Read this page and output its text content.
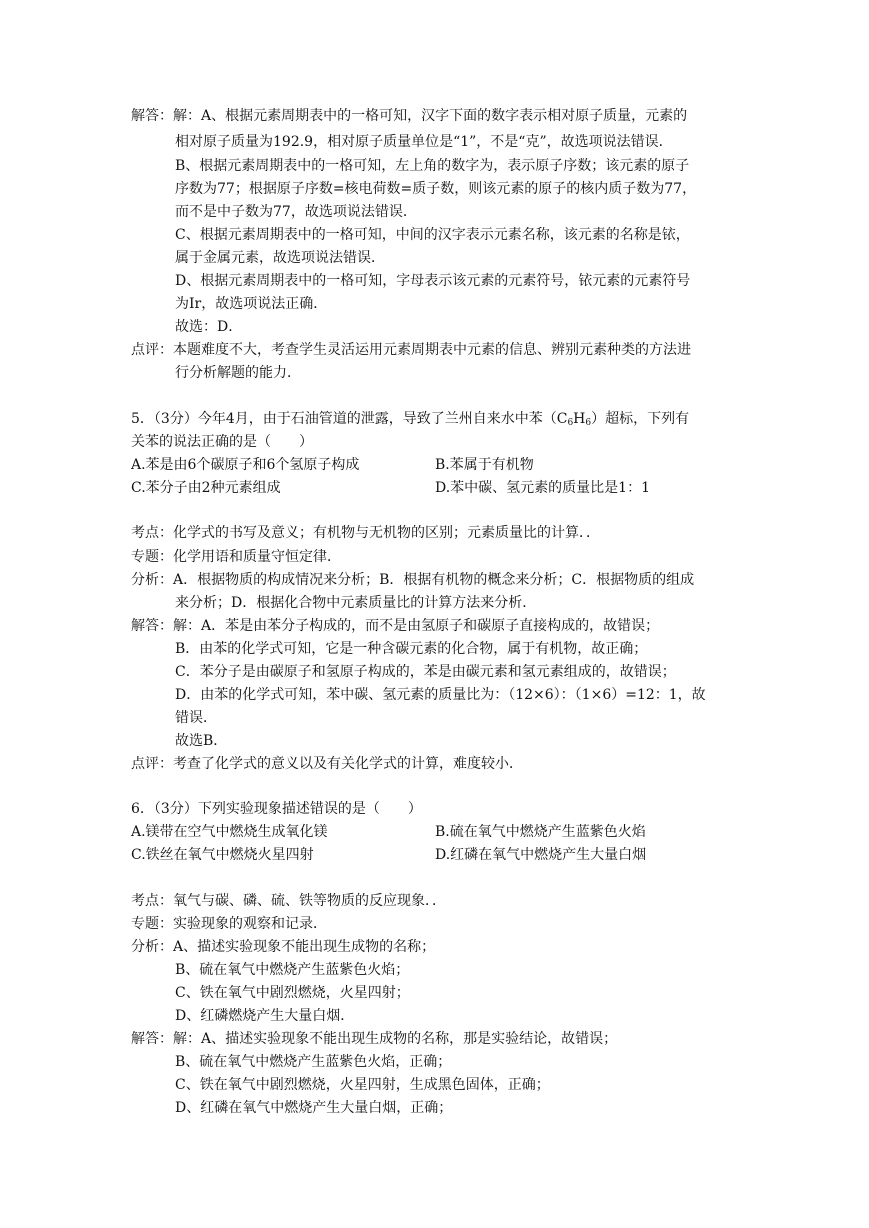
解答：解：A、根据元素周期表中的一格可知，汉字下面的数字表示相对原子质量，元素的
相对原子质量为192.9，相对原子质量单位是“1”，不是“克”，故选项说法错误．
B、根据元素周期表中的一格可知，左上角的数字为，表示原子序数；该元素的原子
序数为77；根据原子序数=核电荷数=质子数，则该元素的原子的核内质子数为77，
而不是中子数为77，故选项说法错误．
C、根据元素周期表中的一格可知，中间的汉字表示元素名称，该元素的名称是铱，
属于金属元素，故选项说法错误．
D、根据元素周期表中的一格可知，字母表示该元素的元素符号，铱元素的元素符号
为Ir，故选项说法正确．
故选：D．
点评：本题难度不大，考查学生灵活运用元素周期表中元素的信息、辨别元素种类的方法进
行分析解题的能力．
5．（3分）今年4月，由于石油管道的泄露，导致了兰州自来水中苯$(C_6H_6)$超标，下列有
关苯的说法正确的是（　　）
A.苯是由6个碳原子和6个氢原子构成	B.苯属于有机物
C.苯分子由2种元素组成	D.苯中碳、氢元素的质量比是1：1
考点：化学式的书写及意义；有机物与无机物的区别；元素质量比的计算．．
专题：化学用语和质量守恒定律．
分析：A．根据物质的构成情况来分析；B．根据有机物的概念来分析；C．根据物质的组成
来分析；D．根据化合物中元素质量比的计算方法来分析．
解答：解：A．苯是由苯分子构成的，而不是由氢原子和碳原子直接构成的，故错误；
B．由苯的化学式可知，它是一种含碳元素的化合物，属于有机物，故正确；
C．苯分子是由碳原子和氢原子构成的，苯是由碳元素和氢元素组成的，故错误；
D．由苯的化学式可知，苯中碳、氢元素的质量比为：（12×6）：（1×6）=12：1，故
错误．
故选B．
点评：考查了化学式的意义以及有关化学式的计算，难度较小．
6．（3分）下列实验现象描述错误的是（　　）
A.镁带在空气中燃烧生成氧化镁	B.硫在氧气中燃烧产生蓝紫色火焰
C.铁丝在氧气中燃烧火星四射	D.红磷在氧气中燃烧产生大量白烟
考点：氧气与碳、磷、硫、铁等物质的反应现象．．
专题：实验现象的观察和记录．
分析：A、描述实验现象不能出现生成物的名称；
B、硫在氧气中燃烧产生蓝紫色火焰；
C、铁在氧气中剧烈燃烧，火星四射；
D、红磷燃烧产生大量白烟．
解答：解：A、描述实验现象不能出现生成物的名称，那是实验结论，故错误；
B、硫在氧气中燃烧产生蓝紫色火焰，正确；
C、铁在氧气中剧烈燃烧，火星四射，生成黑色固体，正确；
D、红磷在氧气中燃烧产生大量白烟，正确；
